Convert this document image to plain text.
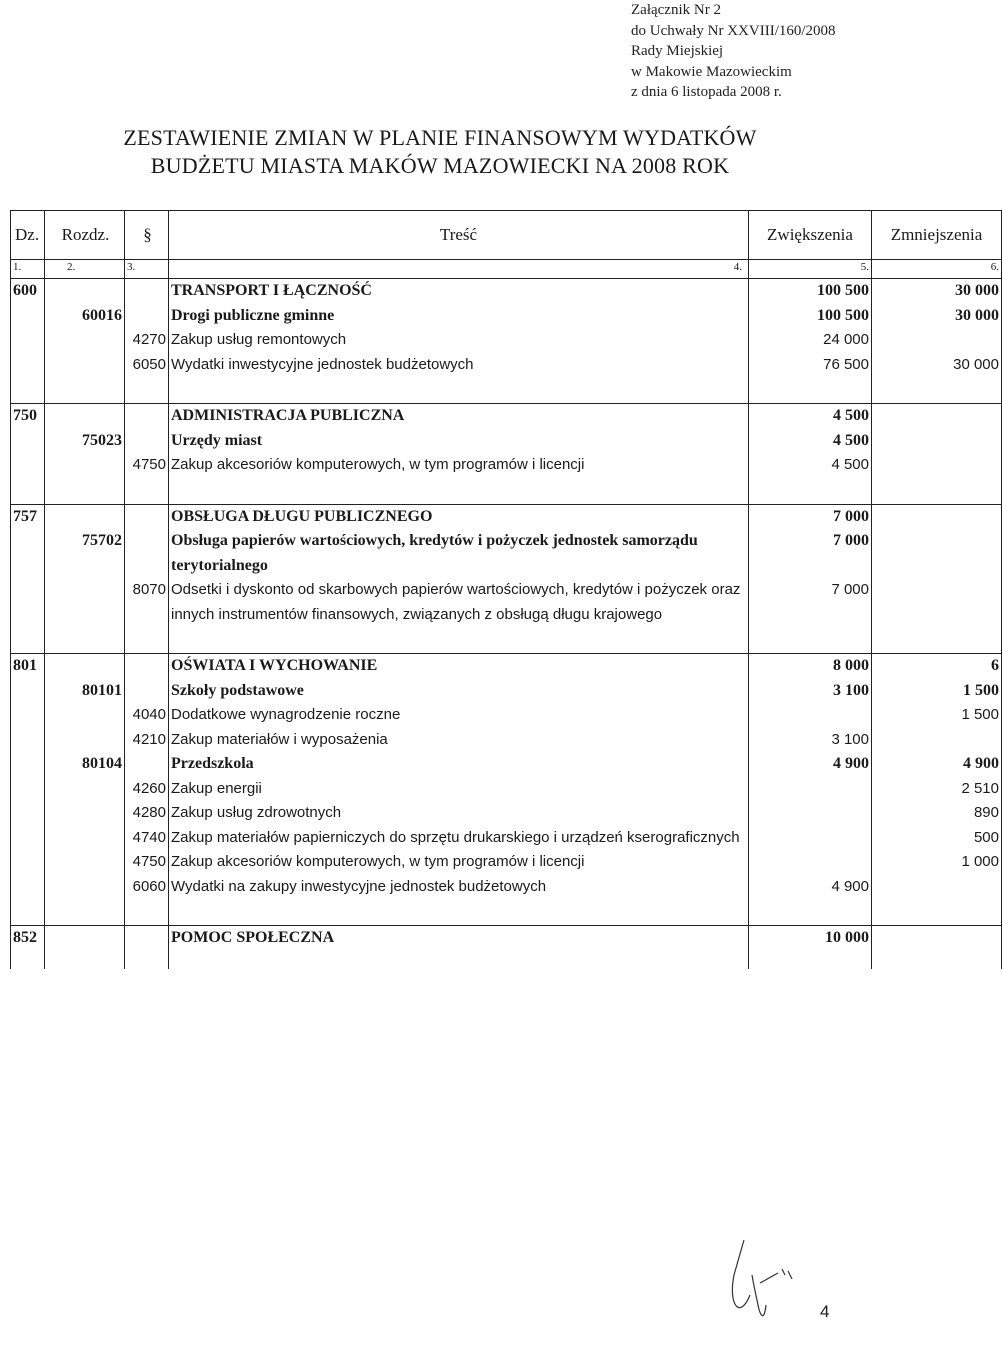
Załącznik Nr 2
do Uchwały Nr XXVIII/160/2008
Rady Miejskiej
w Makowie Mazowieckim
z dnia 6 listopada 2008 r.
ZESTAWIENIE ZMIAN W PLANIE FINANSOWYM WYDATKÓW
BUDŻETU MIASTA MAKÓW MAZOWIECKI NA 2008 ROK
Dz.	Rozdz.	§	Treść	Zwiększenia	Zmniejszenia
1.	2.	3.	4.	5.	6.
600			TRANSPORT I ŁĄCZNOŚĆ	100 500	30 000
	60016		Drogi publiczne gminne	100 500	30 000
		4270	Zakup usług remontowych	24 000	
		6050	Wydatki inwestycyjne jednostek budżetowych	76 500	30 000

750			ADMINISTRACJA PUBLICZNA	4 500	
	75023		Urzędy miast	4 500	
		4750	Zakup akcesoriów komputerowych, w tym programów i licencji	4 500	

757			OBSŁUGA DŁUGU PUBLICZNEGO	7 000	
	75702		Obsługa papierów wartościowych, kredytów i pożyczek jednostek samorządu terytorialnego	7 000	
		8070	Odsetki i dyskonto od skarbowych papierów wartościowych, kredytów i pożyczek oraz innych instrumentów finansowych, związanych z obsługą długu krajowego	7 000	

801			OŚWIATA I WYCHOWANIE	8 000	6
	80101		Szkoły podstawowe	3 100	1 500
		4040	Dodatkowe wynagrodzenie roczne		1 500
		4210	Zakup materiałów i wyposażenia	3 100	
	80104		Przedszkola	4 900	4 900
		4260	Zakup energii		2 510
		4280	Zakup usług zdrowotnych		890
		4740	Zakup materiałów papierniczych do sprzętu drukarskiego i urządzeń kserograficznych		500
		4750	Zakup akcesoriów komputerowych, w tym programów i licencji		1 000
		6060	Wydatki na zakupy inwestycyjne jednostek budżetowych	4 900	

852			POMOC SPOŁECZNA	10 000	

4
